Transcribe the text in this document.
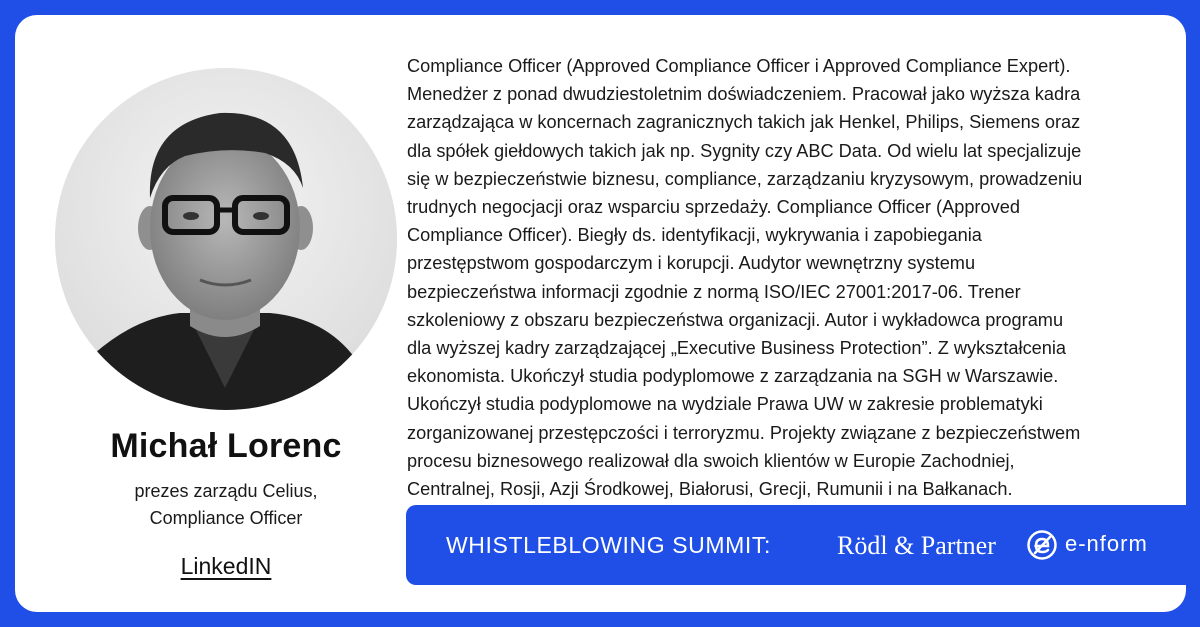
Michał Lorenc
prezes zarządu Celius,
Compliance Officer
LinkedIN

Compliance Officer (Approved Compliance Officer i Approved Compliance Expert).
Menedżer z ponad dwudziestoletnim doświadczeniem. Pracował jako wyższa kadra
zarządzająca w koncernach zagranicznych takich jak Henkel, Philips, Siemens oraz
dla spółek giełdowych takich jak np. Sygnity czy ABC Data. Od wielu lat specjalizuje
się w bezpieczeństwie biznesu, compliance, zarządzaniu kryzysowym, prowadzeniu
trudnych negocjacji oraz wsparciu sprzedaży. Compliance Officer (Approved
Compliance Officer). Biegły ds. identyfikacji, wykrywania i zapobiegania
przestępstwom gospodarczym i korupcji. Audytor wewnętrzny systemu
bezpieczeństwa informacji zgodnie z normą ISO/IEC 27001:2017-06. Trener
szkoleniowy z obszaru bezpieczeństwa organizacji. Autor i wykładowca programu
dla wyższej kadry zarządzającej „Executive Business Protection”. Z wykształcenia
ekonomista. Ukończył studia podyplomowe z zarządzania na SGH w Warszawie.
Ukończył studia podyplomowe na wydziale Prawa UW w zakresie problematyki
zorganizowanej przestępczości i terroryzmu. Projekty związane z bezpieczeństwem
procesu biznesowego realizował dla swoich klientów w Europie Zachodniej,
Centralnej, Rosji, Azji Środkowej, Białorusi, Grecji, Rumunii i na Bałkanach.

WHISTLEBLOWING SUMMIT:	Rödl & Partner	e-nform
